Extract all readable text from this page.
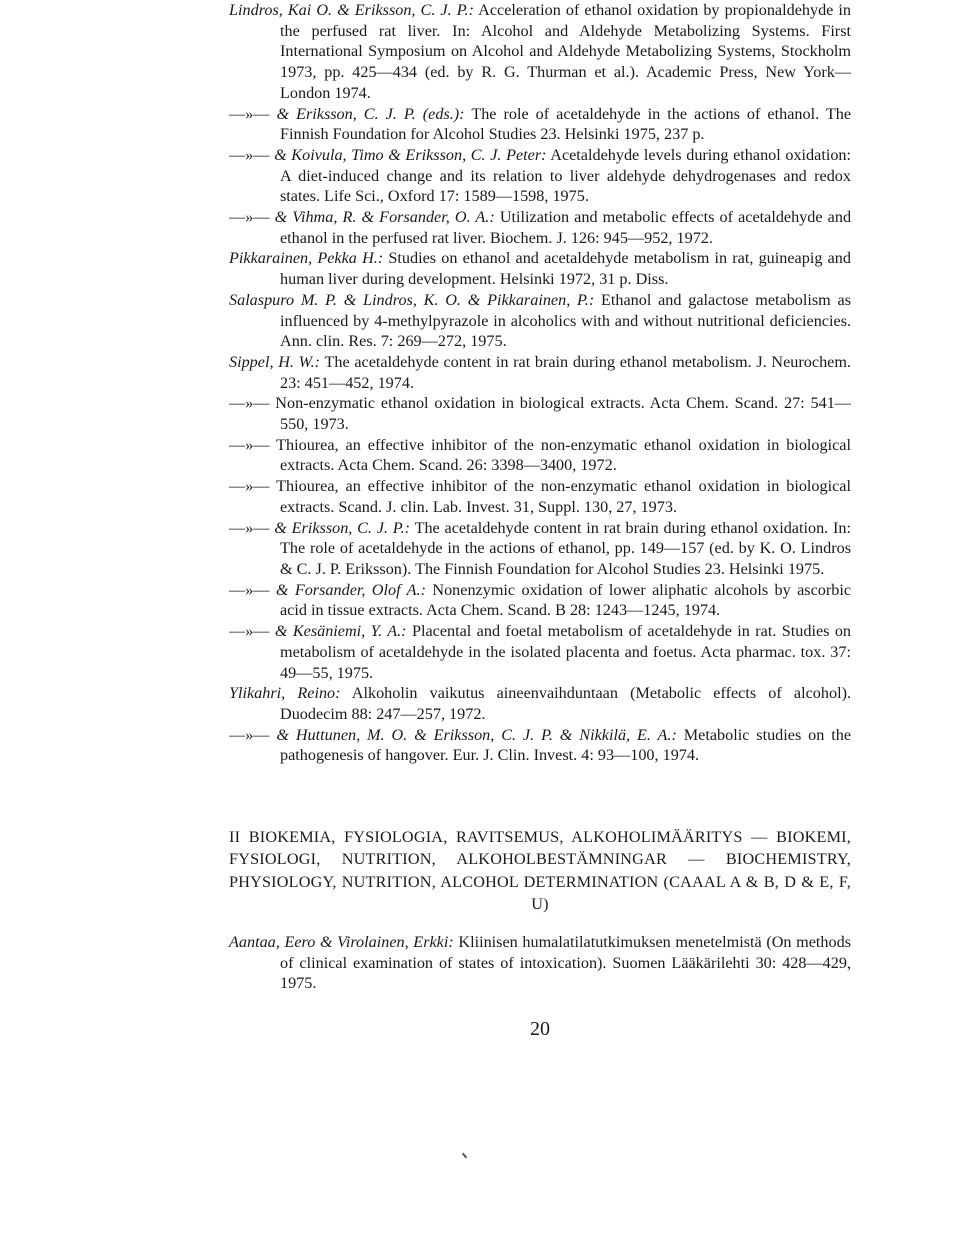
Lindros, Kai O. & Eriksson, C. J. P.: Acceleration of ethanol oxidation by propionaldehyde in the perfused rat liver. In: Alcohol and Aldehyde Metabolizing Systems. First International Symposium on Alcohol and Aldehyde Metabolizing Systems, Stockholm 1973, pp. 425—434 (ed. by R. G. Thurman et al.). Academic Press, New York—London 1974.
—»— & Eriksson, C. J. P. (eds.): The role of acetaldehyde in the actions of ethanol. The Finnish Foundation for Alcohol Studies 23. Helsinki 1975, 237 p.
—»— & Koivula, Timo & Eriksson, C. J. Peter: Acetaldehyde levels during ethanol oxidation: A diet-induced change and its relation to liver aldehyde dehydrogenases and redox states. Life Sci., Oxford 17: 1589—1598, 1975.
—»— & Vihma, R. & Forsander, O. A.: Utilization and metabolic effects of acetaldehyde and ethanol in the perfused rat liver. Biochem. J. 126: 945—952, 1972.
Pikkarainen, Pekka H.: Studies on ethanol and acetaldehyde metabolism in rat, guineapig and human liver during development. Helsinki 1972, 31 p. Diss.
Salaspuro M. P. & Lindros, K. O. & Pikkarainen, P.: Ethanol and galactose metabolism as influenced by 4-methylpyrazole in alcoholics with and without nutritional deficiencies. Ann. clin. Res. 7: 269—272, 1975.
Sippel, H. W.: The acetaldehyde content in rat brain during ethanol metabolism. J. Neurochem. 23: 451—452, 1974.
—»— Non-enzymatic ethanol oxidation in biological extracts. Acta Chem. Scand. 27: 541—550, 1973.
—»— Thiourea, an effective inhibitor of the non-enzymatic ethanol oxidation in biological extracts. Acta Chem. Scand. 26: 3398—3400, 1972.
—»— Thiourea, an effective inhibitor of the non-enzymatic ethanol oxidation in biological extracts. Scand. J. clin. Lab. Invest. 31, Suppl. 130, 27, 1973.
—»— & Eriksson, C. J. P.: The acetaldehyde content in rat brain during ethanol oxidation. In: The role of acetaldehyde in the actions of ethanol, pp. 149—157 (ed. by K. O. Lindros & C. J. P. Eriksson). The Finnish Foundation for Alcohol Studies 23. Helsinki 1975.
—»— & Forsander, Olof A.: Nonenzymic oxidation of lower aliphatic alcohols by ascorbic acid in tissue extracts. Acta Chem. Scand. B 28: 1243—1245, 1974.
—»— & Kesäniemi, Y. A.: Placental and foetal metabolism of acetaldehyde in rat. Studies on metabolism of acetaldehyde in the isolated placenta and foetus. Acta pharmac. tox. 37: 49—55, 1975.
Ylikahri, Reino: Alkoholin vaikutus aineenvaihduntaan (Metabolic effects of alcohol). Duodecim 88: 247—257, 1972.
—»— & Huttunen, M. O. & Eriksson, C. J. P. & Nikkilä, E. A.: Metabolic studies on the pathogenesis of hangover. Eur. J. Clin. Invest. 4: 93—100, 1974.
II BIOKEMIA, FYSIOLOGIA, RAVITSEMUS, ALKOHOLIMÄÄRITYS — BIOKEMI, FYSIOLOGI, NUTRITION, ALKOHOLBESTÄMNINGAR — BIOCHEMISTRY, PHYSIOLOGY, NUTRITION, ALCOHOL DETERMINATION (CAAAL A & B, D & E, F, U)
Aantaa, Eero & Virolainen, Erkki: Kliinisen humalatilatutkimuksen menetelmistä (On methods of clinical examination of states of intoxication). Suomen Lääkärilehti 30: 428—429, 1975.
20
